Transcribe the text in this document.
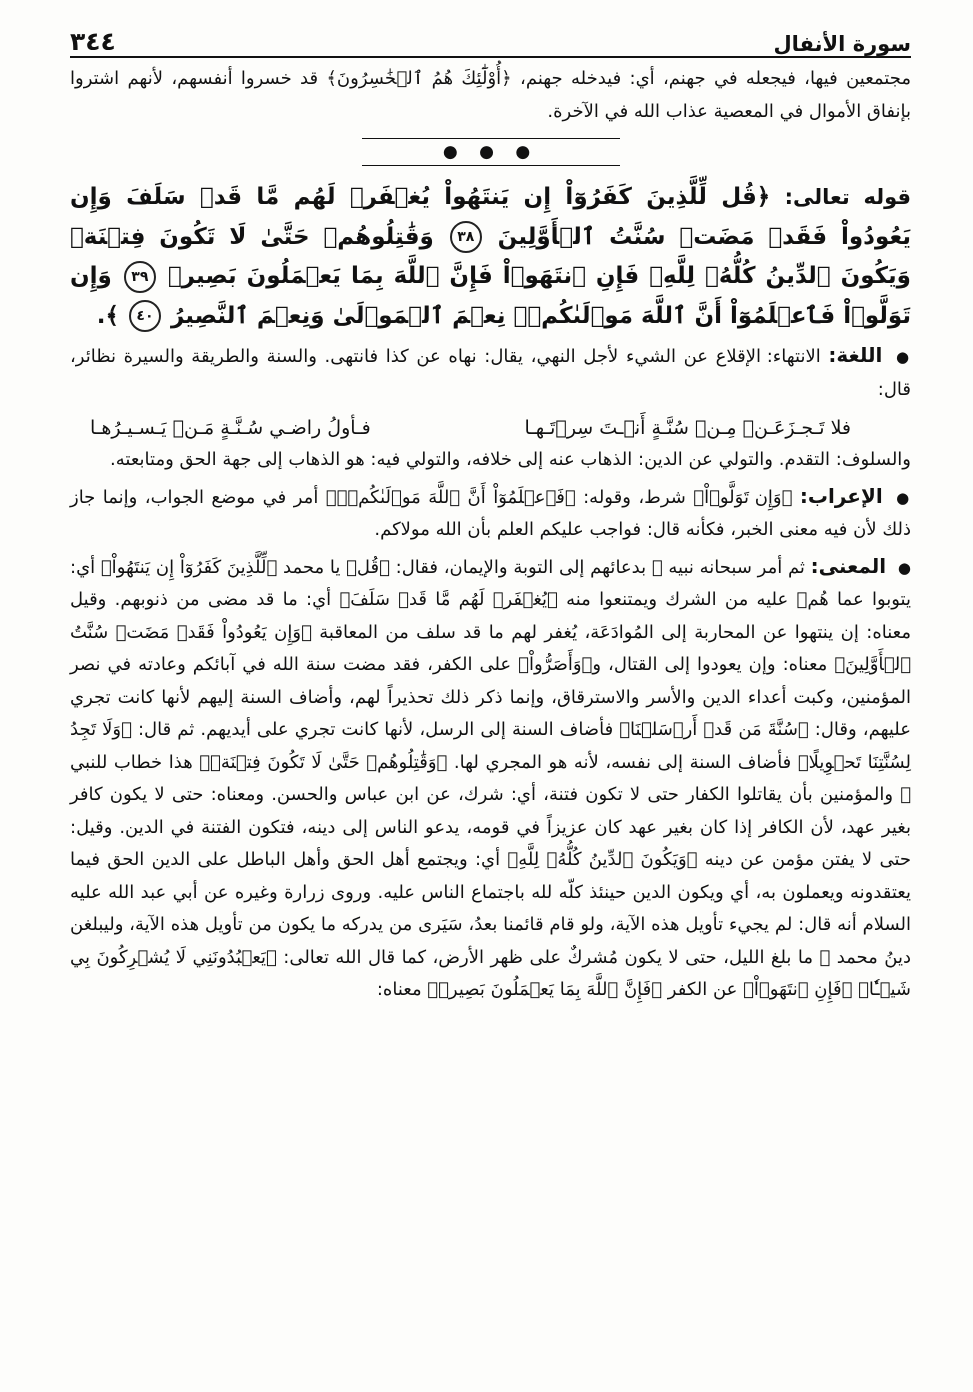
٣٤٤	سورة الأنفال

مجتمعين فيها، فيجعله في جهنم، أي: فيدخله جهنم، ﴿أُوْلَٰٓئِكَ هُمُ ٱلۡخَٰسِرُونَ﴾ قد خسروا أنفسهم، لأنهم اشتروا بإنفاق الأموال في المعصية عذاب الله في الآخرة.

● ● ●

قوله تعالى: ﴿قُل لِّلَّذِينَ كَفَرُوٓاْ إِن يَنتَهُواْ يُغۡفَرۡ لَهُم مَّا قَدۡ سَلَفَ وَإِن يَعُودُواْ فَقَدۡ مَضَتۡ سُنَّتُ ٱلۡأَوَّلِينَ ٣٨ وَقَٰتِلُوهُمۡ حَتَّىٰ لَا تَكُونَ فِتۡنَةٞ وَيَكُونَ ٱلدِّينُ كُلُّهُۥ لِلَّهِۚ فَإِنِ ٱنتَهَوۡاْ فَإِنَّ ٱللَّهَ بِمَا يَعۡمَلُونَ بَصِيرٞ ٣٩ وَإِن تَوَلَّوۡاْ فَٱعۡلَمُوٓاْ أَنَّ ٱللَّهَ مَوۡلَىٰكُمۡۚ نِعۡمَ ٱلۡمَوۡلَىٰ وَنِعۡمَ ٱلنَّصِيرُ ٤٠ ﴾.

● اللغة: الانتهاء: الإقلاع عن الشيء لأجل النهي، يقال: نهاه عن كذا فانتهى. والسنة والطريقة والسيرة نظائر، قال:

فلا تَـجـزَعَـنۡ مِـنۡ سُنَّـةٍ أَنۡـتَ سِرۡتَـهـا
فـأولُ راضـي سُـنَّـةٍ مَـنۡ يَـسـيـرُهـا

والسلوف: التقدم. والتولي عن الدين: الذهاب عنه إلى خلافه، والتولي فيه: هو الذهاب إلى جهة الحق ومتابعته.

● الإعراب: ﴿وَإِن تَوَلَّوۡاْ﴾ شرط، وقوله: ﴿فَٱعۡلَمُوٓاْ أَنَّ ٱللَّهَ مَوۡلَىٰكُمۡۚ﴾ أمر في موضع الجواب، وإنما جاز ذلك لأن فيه معنى الخبر، فكأنه قال: فواجب عليكم العلم بأن الله مولاكم.

● المعنى: ثم أمر سبحانه نبيه ﷺ بدعائهم إلى التوبة والإيمان، فقال: ﴿قُل﴾ يا محمد ﴿لِّلَّذِينَ كَفَرُوٓاْ إِن يَنتَهُواْ﴾ أي: يتوبوا عما هُمۡ عليه من الشرك ويمتنعوا منه ﴿يُغۡفَرۡ لَهُم مَّا قَدۡ سَلَفَ﴾ أي: ما قد مضى من ذنوبهم. وقيل معناه: إن ينتهوا عن المحاربة إلى المُوادَعَة، يُغفر لهم ما قد سلف من المعاقبة ﴿وَإِن يَعُودُواْ فَقَدۡ مَضَتۡ سُنَّتُ ٱلۡأَوَّلِينَ﴾ معناه: وإن يعودوا إلى القتال، و﴿وَأَصَرُّواْ﴾ على الكفر، فقد مضت سنة الله في آبائكم وعادته في نصر المؤمنين، وكبت أعداء الدين والأسر والاسترقاق، وإنما ذكر ذلك تحذيراً لهم، وأضاف السنة إليهم لأنها كانت تجري عليهم، وقال: ﴿سُنَّةَ مَن قَدۡ أَرۡسَلۡنَا﴾ فأضاف السنة إلى الرسل، لأنها كانت تجري على أيديهم. ثم قال: ﴿وَلَا تَجِدُ لِسُنَّتِنَا تَحۡوِيلًا﴾ فأضاف السنة إلى نفسه، لأنه هو المجري لها. ﴿وَقَٰتِلُوهُمۡ حَتَّىٰ لَا تَكُونَ فِتۡنَةٞ﴾ هذا خطاب للنبي ﷺ والمؤمنين بأن يقاتلوا الكفار حتى لا تكون فتنة، أي: شرك، عن ابن عباس والحسن. ومعناه: حتى لا يكون كافر بغير عهد، لأن الكافر إذا كان بغير عهد كان عزيزاً في قومه، يدعو الناس إلى دينه، فتكون الفتنة في الدين. وقيل: حتى لا يفتن مؤمن عن دينه ﴿وَيَكُونَ ٱلدِّينُ كُلُّهُۥ لِلَّهِ﴾ أي: ويجتمع أهل الحق وأهل الباطل على الدين الحق فيما يعتقدونه ويعملون به، أي ويكون الدين حينئذ كلّه لله باجتماع الناس عليه. وروى زرارة وغيره عن أبي عبد الله عليه السلام أنه قال: لم يجيء تأويل هذه الآية، ولو قام قائمنا بعدُ، سَيَرى من يدركه ما يكون من تأويل هذه الآية، وليبلغن دينُ محمد ﷺ ما بلغ الليل، حتى لا يكون مُشركٌ على ظهر الأرض، كما قال الله تعالى: ﴿يَعۡبُدُونَنِي لَا يُشۡرِكُونَ بِي شَيۡـٔٗا﴾ ﴿فَإِنِ ٱنتَهَوۡاْ﴾ عن الكفر ﴿فَإِنَّ ٱللَّهَ بِمَا يَعۡمَلُونَ بَصِيرٞ﴾ معناه:
